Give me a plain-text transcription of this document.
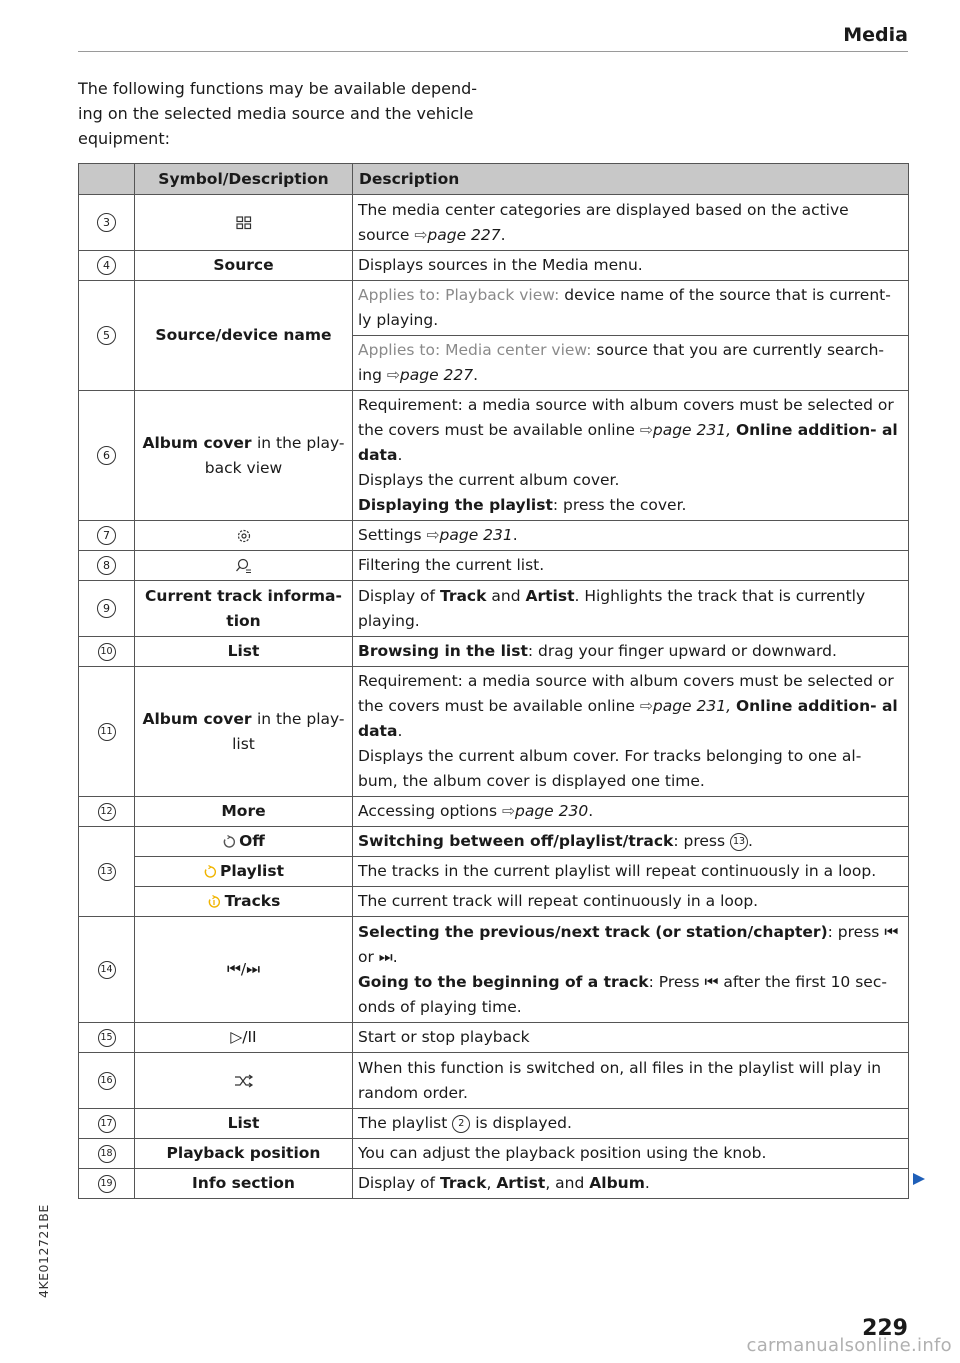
Media

The following functions may be available depend- ing on the selected media source and the vehicle equipment:

	Symbol/Description	Description
3		The media center categories are displayed based on the active source ⇨page 227.
4	Source	Displays sources in the Media menu.
5	Source/device name	Applies to: Playback view: device name of the source that is current- ly playing.

Applies to: Media center view: source that you are currently search- ing ⇨page 227.

6	Album cover in the play- back view	Requirement: a media source with album covers must be selected or the covers must be available online ⇨page 231, Online addition- al data.

Displays the current album cover.

Displaying the playlist: press the cover.

7		Settings ⇨page 231.
8		Filtering the current list.
9	Current track informa- tion	Display of Track and Artist. Highlights the track that is currently playing.
10	List	Browsing in the list: drag your finger upward or downward.
11	Album cover in the play- list	Requirement: a media source with album covers must be selected or the covers must be available online ⇨page 231, Online addition- al data.

Displays the current album cover. For tracks belonging to one al- bum, the album cover is displayed one time.

12	More	Accessing options ⇨page 230.
13	Off	Switching between off/playlist/track: press 13 .
	Playlist	The tracks in the current playlist will repeat continuously in a loop.
	Tracks	The current track will repeat continuously in a loop.
14	⏮/⏭	Selecting the previous/next track (or station/chapter): press ⏮ or ⏭.

Going to the beginning of a track: Press ⏮ after the first 10 sec- onds of playing time.

15	▷/II	Start or stop playback
16		When this function is switched on, all files in the playlist will play in random order.
17	List	The playlist 2 is displayed.
18	Playback position	You can adjust the playback position using the knob.
19	Info section	Display of Track, Artist, and Album.
4KE012721BE
229
carmanualsonline.info
